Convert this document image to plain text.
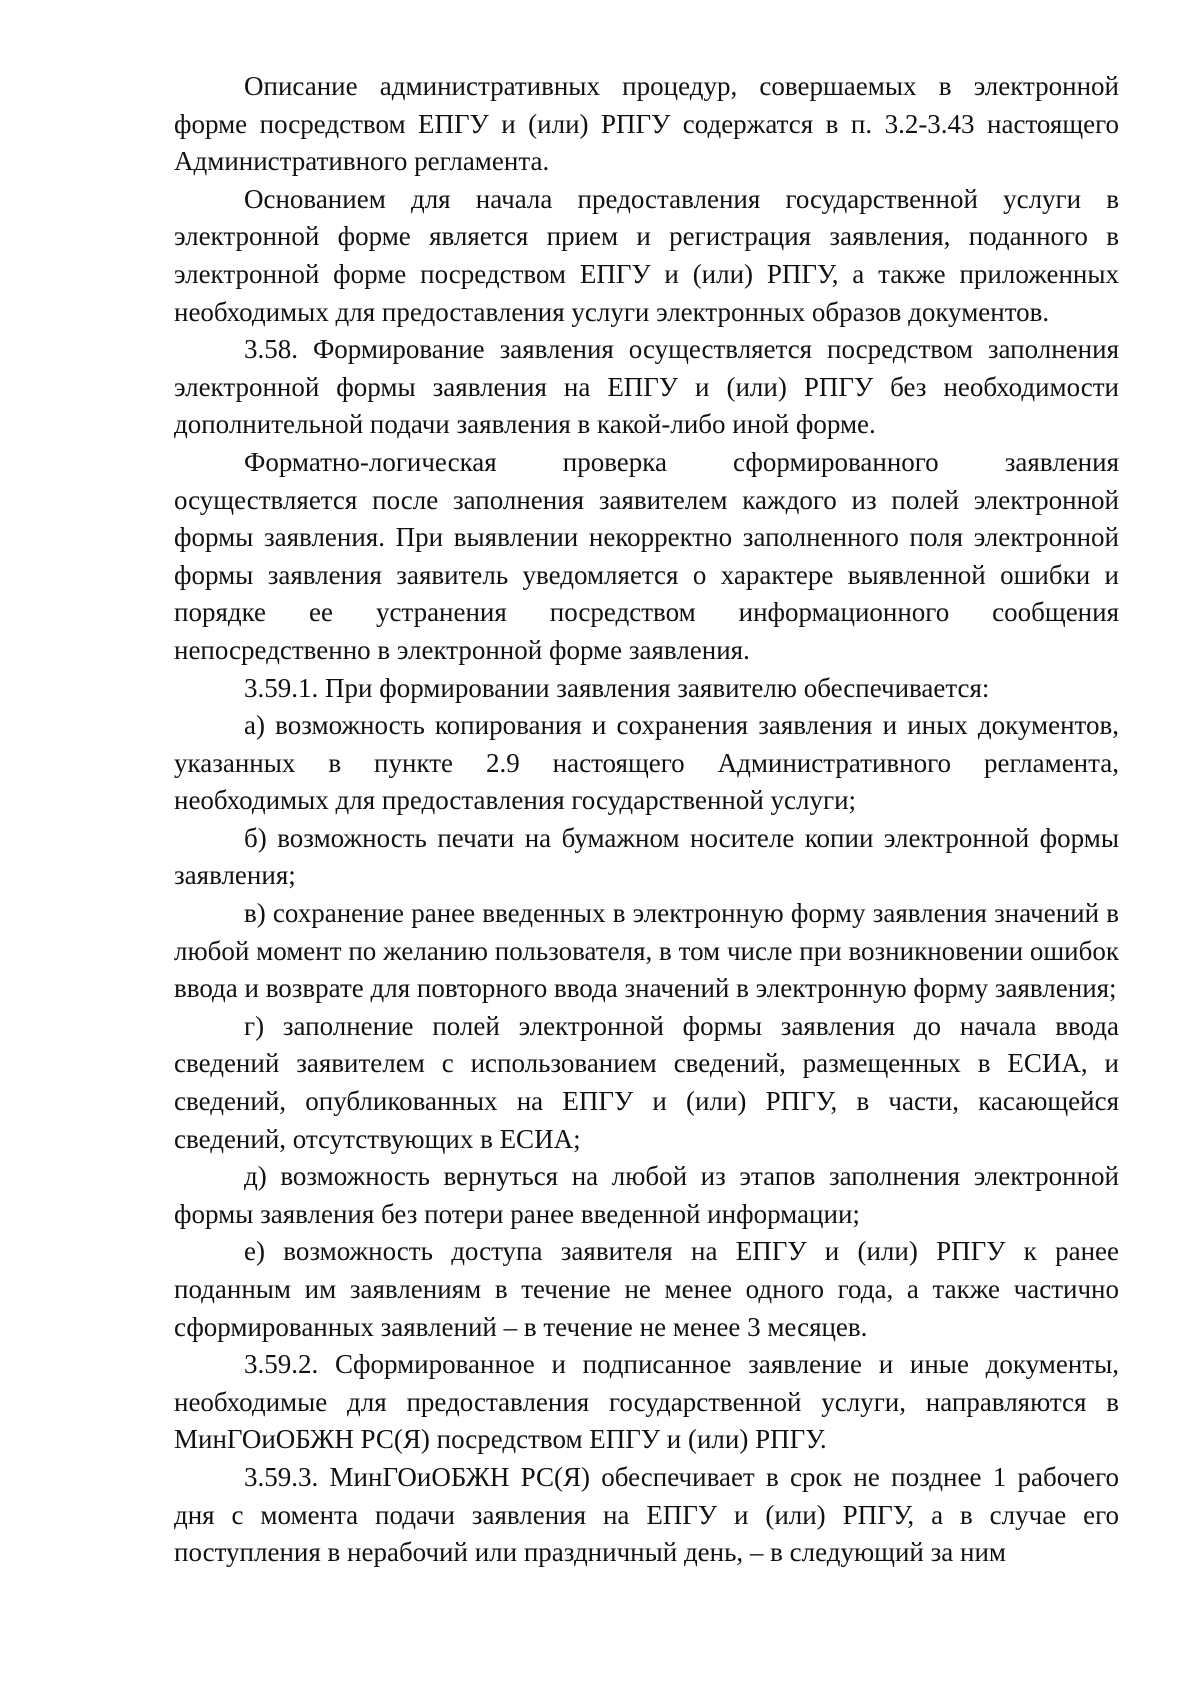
Описание административных процедур, совершаемых в электронной форме посредством ЕПГУ и (или) РПГУ содержатся в п. 3.2-3.43 настоящего Административного регламента.

Основанием для начала предоставления государственной услуги в электронной форме является прием и регистрация заявления, поданного в электронной форме посредством ЕПГУ и (или) РПГУ, а также приложенных необходимых для предоставления услуги электронных образов документов.

3.58. Формирование заявления осуществляется посредством заполнения электронной формы заявления на ЕПГУ и (или) РПГУ без необходимости дополнительной подачи заявления в какой-либо иной форме.

Форматно-логическая проверка сформированного заявления осуществляется после заполнения заявителем каждого из полей электронной формы заявления. При выявлении некорректно заполненного поля электронной формы заявления заявитель уведомляется о характере выявленной ошибки и порядке ее устранения посредством информационного сообщения непосредственно в электронной форме заявления.

3.59.1. При формировании заявления заявителю обеспечивается:

а) возможность копирования и сохранения заявления и иных документов, указанных в пункте 2.9 настоящего Административного регламента, необходимых для предоставления государственной услуги;

б) возможность печати на бумажном носителе копии электронной формы заявления;

в) сохранение ранее введенных в электронную форму заявления значений в любой момент по желанию пользователя, в том числе при возникновении ошибок ввода и возврате для повторного ввода значений в электронную форму заявления;

г) заполнение полей электронной формы заявления до начала ввода сведений заявителем с использованием сведений, размещенных в ЕСИА, и сведений, опубликованных на ЕПГУ и (или) РПГУ, в части, касающейся сведений, отсутствующих в ЕСИА;

д) возможность вернуться на любой из этапов заполнения электронной формы заявления без потери ранее введенной информации;

е) возможность доступа заявителя на ЕПГУ и (или) РПГУ к ранее поданным им заявлениям в течение не менее одного года, а также частично сформированных заявлений – в течение не менее 3 месяцев.

3.59.2. Сформированное и подписанное заявление и иные документы, необходимые для предоставления государственной услуги, направляются в МинГОиОБЖН РС(Я) посредством ЕПГУ и (или) РПГУ.

3.59.3. МинГОиОБЖН РС(Я) обеспечивает в срок не позднее 1 рабочего дня с момента подачи заявления на ЕПГУ и (или) РПГУ, а в случае его поступления в нерабочий или праздничный день, – в следующий за ним
